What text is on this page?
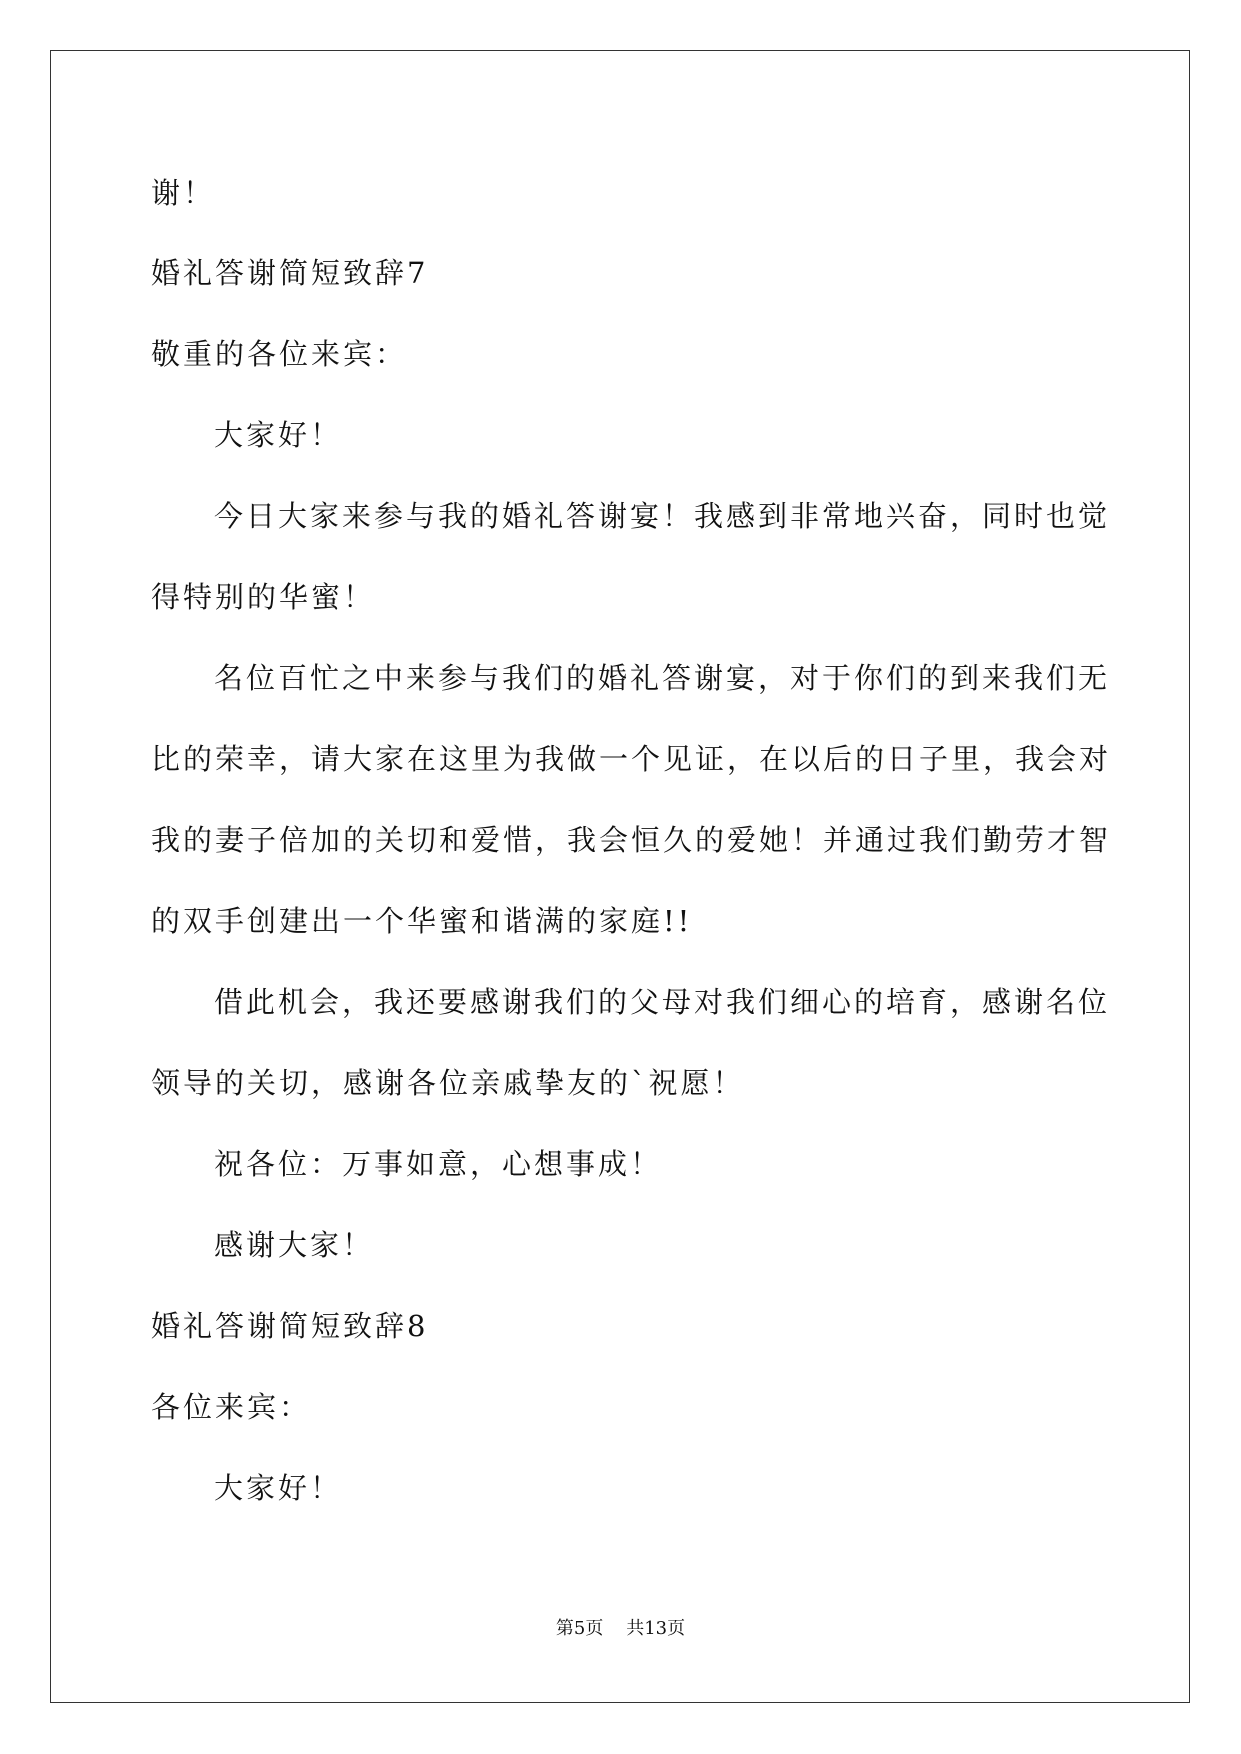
谢！
婚礼答谢简短致辞7
敬重的各位来宾：
大家好！
今日大家来参与我的婚礼答谢宴！我感到非常地兴奋，同时也觉
得特别的华蜜！
名位百忙之中来参与我们的婚礼答谢宴，对于你们的到来我们无
比的荣幸，请大家在这里为我做一个见证，在以后的日子里，我会对
我的妻子倍加的关切和爱惜，我会恒久的爱她！并通过我们勤劳才智
的双手创建出一个华蜜和谐满的家庭!!
借此机会，我还要感谢我们的父母对我们细心的培育，感谢名位
领导的关切，感谢各位亲戚挚友的`祝愿！
祝各位：万事如意，心想事成！
感谢大家！
婚礼答谢简短致辞8
各位来宾：
大家好！
第5页    共13页
